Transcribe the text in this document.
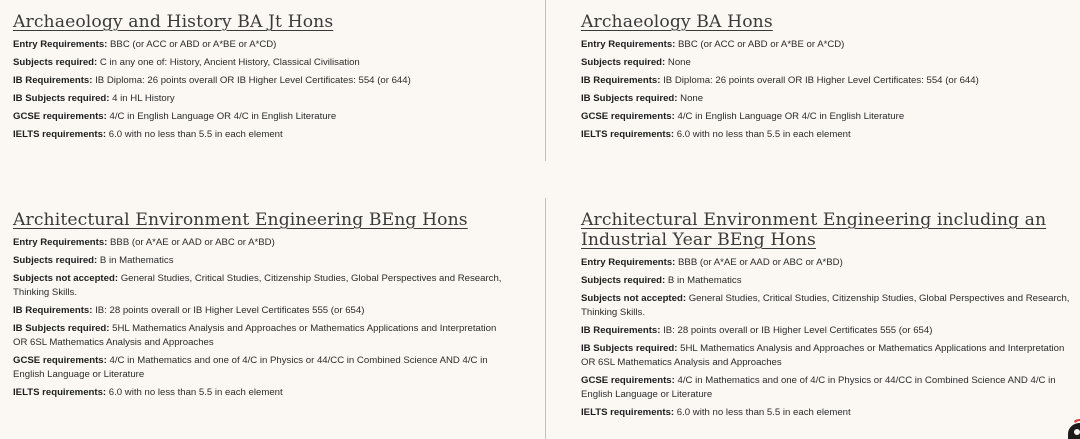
Archaeology and History BA Jt Hons
Entry Requirements: BBC (or ACC or ABD or A*BE or A*CD)
Subjects required: C in any one of: History, Ancient History, Classical Civilisation
IB Requirements: IB Diploma: 26 points overall OR IB Higher Level Certificates: 554 (or 644)
IB Subjects required: 4 in HL History
GCSE requirements: 4/C in English Language OR 4/C in English Literature
IELTS requirements: 6.0 with no less than 5.5 in each element
Archaeology BA Hons
Entry Requirements: BBC (or ACC or ABD or A*BE or A*CD)
Subjects required: None
IB Requirements: IB Diploma: 26 points overall OR IB Higher Level Certificates: 554 (or 644)
IB Subjects required: None
GCSE requirements: 4/C in English Language OR 4/C in English Literature
IELTS requirements: 6.0 with no less than 5.5 in each element
Architectural Environment Engineering BEng Hons
Entry Requirements: BBB (or A*AE or AAD or ABC or A*BD)
Subjects required: B in Mathematics
Subjects not accepted: General Studies, Critical Studies, Citizenship Studies, Global Perspectives and Research, Thinking Skills.
IB Requirements: IB: 28 points overall or IB Higher Level Certificates 555 (or 654)
IB Subjects required: 5HL Mathematics Analysis and Approaches or Mathematics Applications and Interpretation OR 6SL Mathematics Analysis and Approaches
GCSE requirements: 4/C in Mathematics and one of 4/C in Physics or 44/CC in Combined Science AND 4/C in English Language or Literature
IELTS requirements: 6.0 with no less than 5.5 in each element
Architectural Environment Engineering including an Industrial Year BEng Hons
Entry Requirements: BBB (or A*AE or AAD or ABC or A*BD)
Subjects required: B in Mathematics
Subjects not accepted: General Studies, Critical Studies, Citizenship Studies, Global Perspectives and Research, Thinking Skills.
IB Requirements: IB: 28 points overall or IB Higher Level Certificates 555 (or 654)
IB Subjects required: 5HL Mathematics Analysis and Approaches or Mathematics Applications and Interpretation OR 6SL Mathematics Analysis and Approaches
GCSE requirements: 4/C in Mathematics and one of 4/C in Physics or 44/CC in Combined Science AND 4/C in English Language or Literature
IELTS requirements: 6.0 with no less than 5.5 in each element
